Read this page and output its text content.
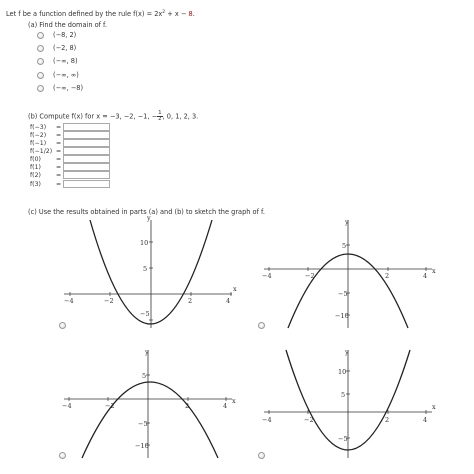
Let f be a function defined by the rule $f(x) = 2x^2 + x - 8$.
(a) Find the domain of f.
(−8, 2)
(−2, 8)
(−∞, 8)
(−∞, ∞)
(−∞, −8)
(b) Compute f(x) for x = −3, −2, −1, − $\frac{1}{2}$ , 0, 1, 2, 3.
f(−3) =
f(−2) =
f(−1) =
f(−1/2) =
f(0) =
f(1) =
f(2) =
f(3) =
(c) Use the results obtained in parts (a) and (b) to sketch the graph of f.
y
x
−4	−2	2	4
10
5
−5
y
x
−4	−2	2	4
5
−5
−10
y
x
−4	−2	2	4
5
−5
−10
y
x
−4	−2	2	4
10
5
−5
